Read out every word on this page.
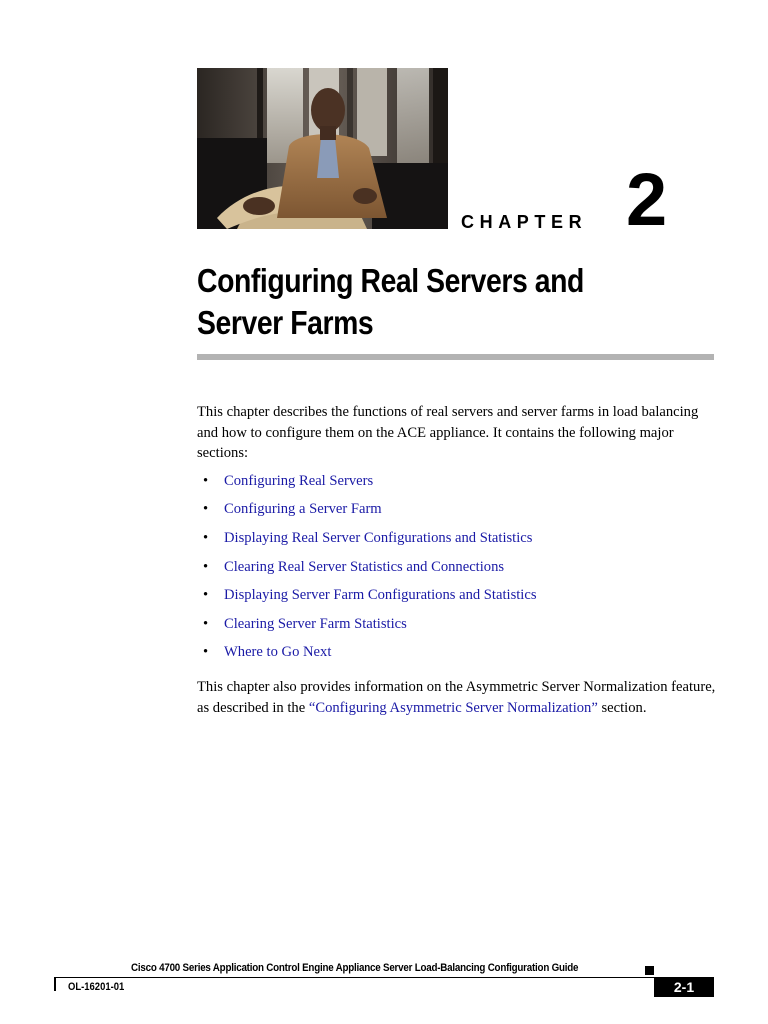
CHAPTER 2
Configuring Real Servers and Server Farms

This chapter describes the functions of real servers and server farms in load balancing and how to configure them on the ACE appliance. It contains the following major sections:

• Configuring Real Servers
• Configuring a Server Farm
• Displaying Real Server Configurations and Statistics
• Clearing Real Server Statistics and Connections
• Displaying Server Farm Configurations and Statistics
• Clearing Server Farm Statistics
• Where to Go Next

This chapter also provides information on the Asymmetric Server Normalization feature, as described in the “Configuring Asymmetric Server Normalization” section.

Cisco 4700 Series Application Control Engine Appliance Server Load-Balancing Configuration Guide
OL-16201-01	2-1
